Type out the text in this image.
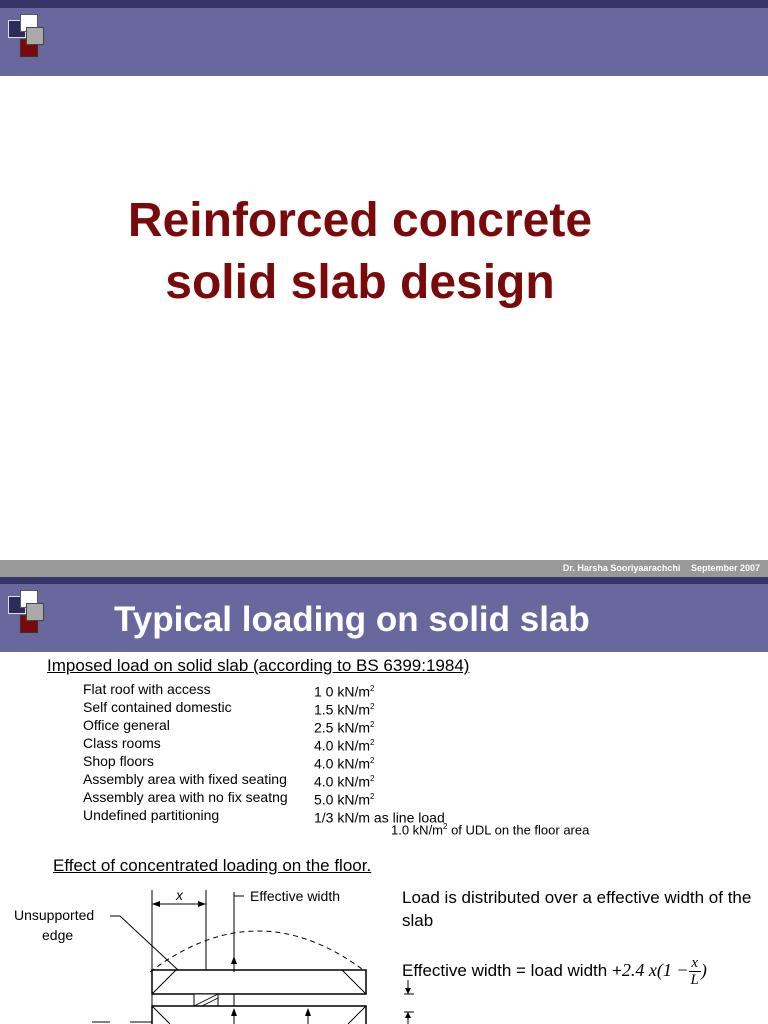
Reinforced concrete
solid slab design
Dr. Harsha Sooriyaarachchi September 2007
Typical loading on solid slab
Imposed load on solid slab (according to BS 6399:1984)
Flat roof with access	1 0 $kN/m^2$
Self contained domestic	1.5 $kN/m^2$
Office general	2.5 $kN/m^2$
Class rooms	4.0 $kN/m^2$
Shop floors	4.0 $kN/m^2$
Assembly area with fixed seating 4.0 $kN/m^2$
Assembly area with no fix seatng 5.0 $kN/m^2$
Undefined partitioning	1/3 kN/m as line load
1.0 $kN/m^2$ of UDL on the floor area
Effect of concentrated loading on the floor.
x	Effective width
Unsupported
edge
Load is distributed over a effective width of the slab
Effective width = load width +2.4 $x(1 - \frac{x}{L}$ )
